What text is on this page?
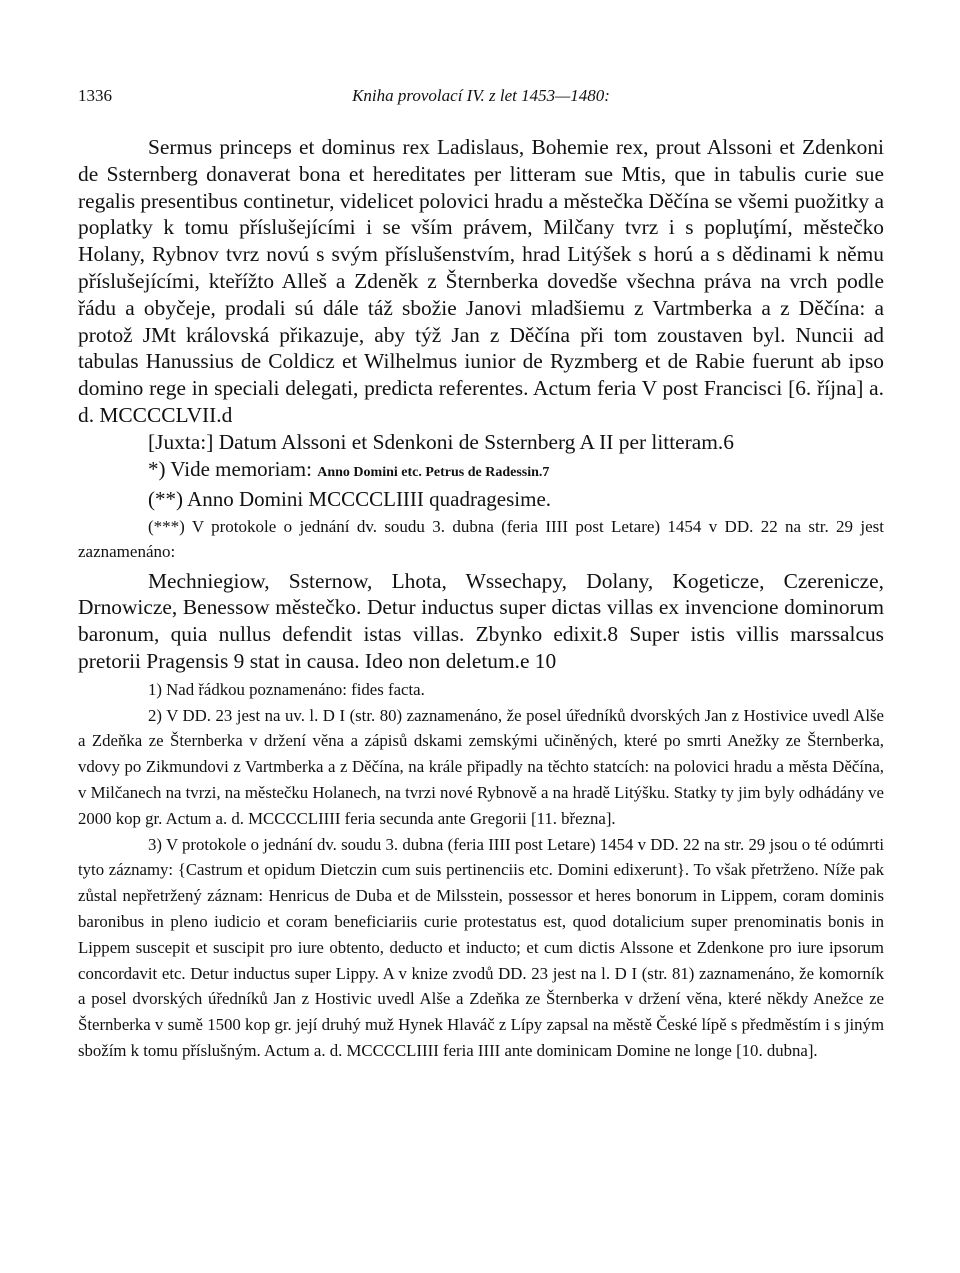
1336	Kniha provolací IV. z let 1453—1480:

Sermus princeps et dominus rex Ladislaus, Bohemie rex, prout Alssoni et Zdenkoni de Ssternberg donaverat bona et hereditates per litteram sue Mtis, que in tabulis curie sue regalis presentibus continetur, videlicet polovici hradu a městečka Děčína se všemi puožitky a poplatky k tomu příslušejícími i se vším právem, Milčany tvrz i s popluţímí, městečko Holany, Rybnov tvrz novú s svým příslušenstvím, hrad Litýšek s horú a s dědinami k němu příslušejícími, kteřížto Alleš a Zdeněk z Šternberka dovedše všechna práva na vrch podle řádu a obyčeje, prodali sú dále táž sbožie Janovi mladšiemu z Vartmberka a z Děčína: a protož JMt královská přikazuje, aby týž Jan z Děčína při tom zoustaven byl. Nuncii ad tabulas Hanussius de Coldicz et Wilhelmus iunior de Ryzmberg et de Rabie fuerunt ab ipso domino rege in speciali delegati, predicta referentes. Actum feria V post Francisci [6. října] a. d. MCCCCLVII.d

[Juxta:] Datum Alssoni et Sdenkoni de Ssternberg A II per litteram.6

*) Vide memoriam: Anno Domini etc. Petrus de Radessin.7

(**) Anno Domini MCCCCLIIII quadragesime.

(***) V protokole o jednání dv. soudu 3. dubna (feria IIII post Letare) 1454 v DD. 22 na str. 29 jest zaznamenáno:

Mechniegiow, Ssternow, Lhota, Wssechapy, Dolany, Kogeticze, Czerenicze, Drnowicze, Benessow městečko. Detur inductus super dictas villas ex invencione dominorum baronum, quia nullus defendit istas villas. Zbynko edixit.8 Super istis villis marssalcus pretorii Pragensis 9 stat in causa. Ideo non deletum.e 10

1) Nad řádkou poznamenáno: fides facta.

2) V DD. 23 jest na uv. l. D I (str. 80) zaznamenáno, že posel úředníků dvorských Jan z Hostivice uvedl Alše a Zdeňka ze Šternberka v držení věna a zápisů dskami zemskými učiněných, které po smrti Anežky ze Šternberka, vdovy po Zikmundovi z Vartmberka a z Děčína, na krále připadly na těchto statcích: na polovici hradu a města Děčína, v Milčanech na tvrzi, na městečku Holanech, na tvrzi nové Rybnově a na hradě Litýšku. Statky ty jim byly odhádány ve 2000 kop gr. Actum a. d. MCCCCLIIII feria secunda ante Gregorii [11. března].

3) V protokole o jednání dv. soudu 3. dubna (feria IIII post Letare) 1454 v DD. 22 na str. 29 jsou o té odúmrti tyto záznamy: {Castrum et opidum Dietczin cum suis pertinenciis etc. Domini edixerunt}. To však přetrženo. Níže pak zůstal nepřetržený záznam: Henricus de Duba et de Milsstein, possessor et heres bonorum in Lippem, coram dominis baronibus in pleno iudicio et coram beneficiariis curie protestatus est, quod dotalicium super prenominatis bonis in Lippem suscepit et suscipit pro iure obtento, deducto et inducto; et cum dictis Alssone et Zdenkone pro iure ipsorum concordavit etc. Detur inductus super Lippy. A v knize zvodů DD. 23 jest na l. D I (str. 81) zaznamenáno, že komorník a posel dvorských úředníků Jan z Hostivic uvedl Alše a Zdeňka ze Šternberka v držení věna, které někdy Anežce ze Šternberka v sumě 1500 kop gr. její druhý muž Hynek Hlaváč z Lípy zapsal na městě České lípě s předměstím i s jiným sbožím k tomu příslušným. Actum a. d. MCCCCLIIII feria IIII ante dominicam Domine ne longe [10. dubna].
